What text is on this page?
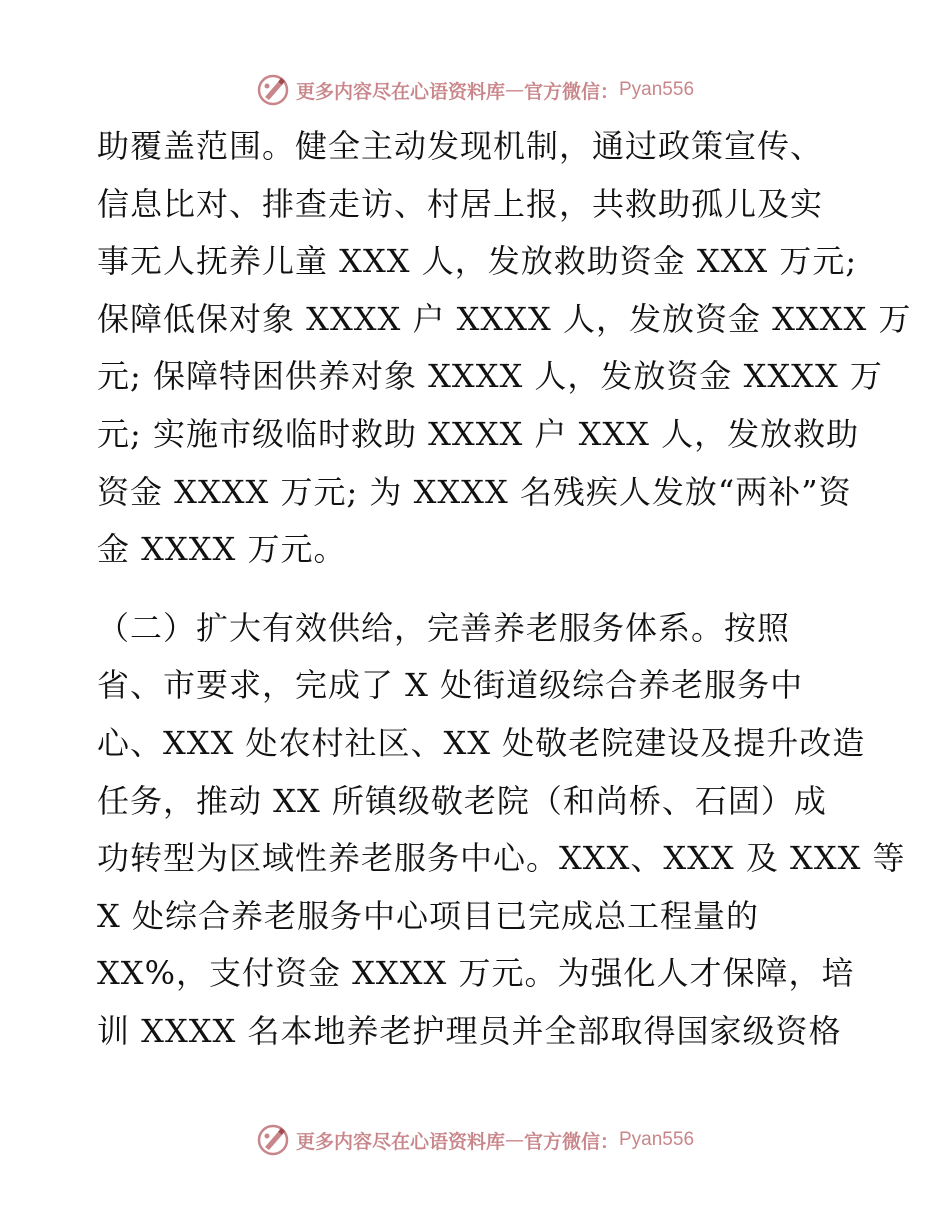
更多内容尽在心语资料库 — 官方微信： Pyan556
助覆盖范围。健全主动发现机制，通过政策宣传、
信息比对、排查走访、村居上报，共救助孤儿及实
事无人抚养儿童 XXX 人，发放救助资金 XXX 万元;
保障低保对象 XXXX 户 XXXX 人，发放资金 XXXX 万
元; 保障特困供养对象 XXXX 人，发放资金 XXXX 万
元; 实施市级临时救助 XXXX 户 XXX 人，发放救助
资金 XXXX 万元; 为 XXXX 名残疾人发放“两补”资
金 XXXX 万元。
（二）扩大有效供给，完善养老服务体系。按照
省、市要求，完成了 X 处街道级综合养老服务中
心、XXX 处农村社区、XX 处敬老院建设及提升改造
任务，推动 XX 所镇级敬老院（和尚桥、石固）成
功转型为区域性养老服务中心。XXX、XXX 及 XXX 等
X 处综合养老服务中心项目已完成总工程量的
XX%，支付资金 XXXX 万元。为强化人才保障，培
训 XXXX 名本地养老护理员并全部取得国家级资格
更多内容尽在心语资料库 — 官方微信： Pyan556
